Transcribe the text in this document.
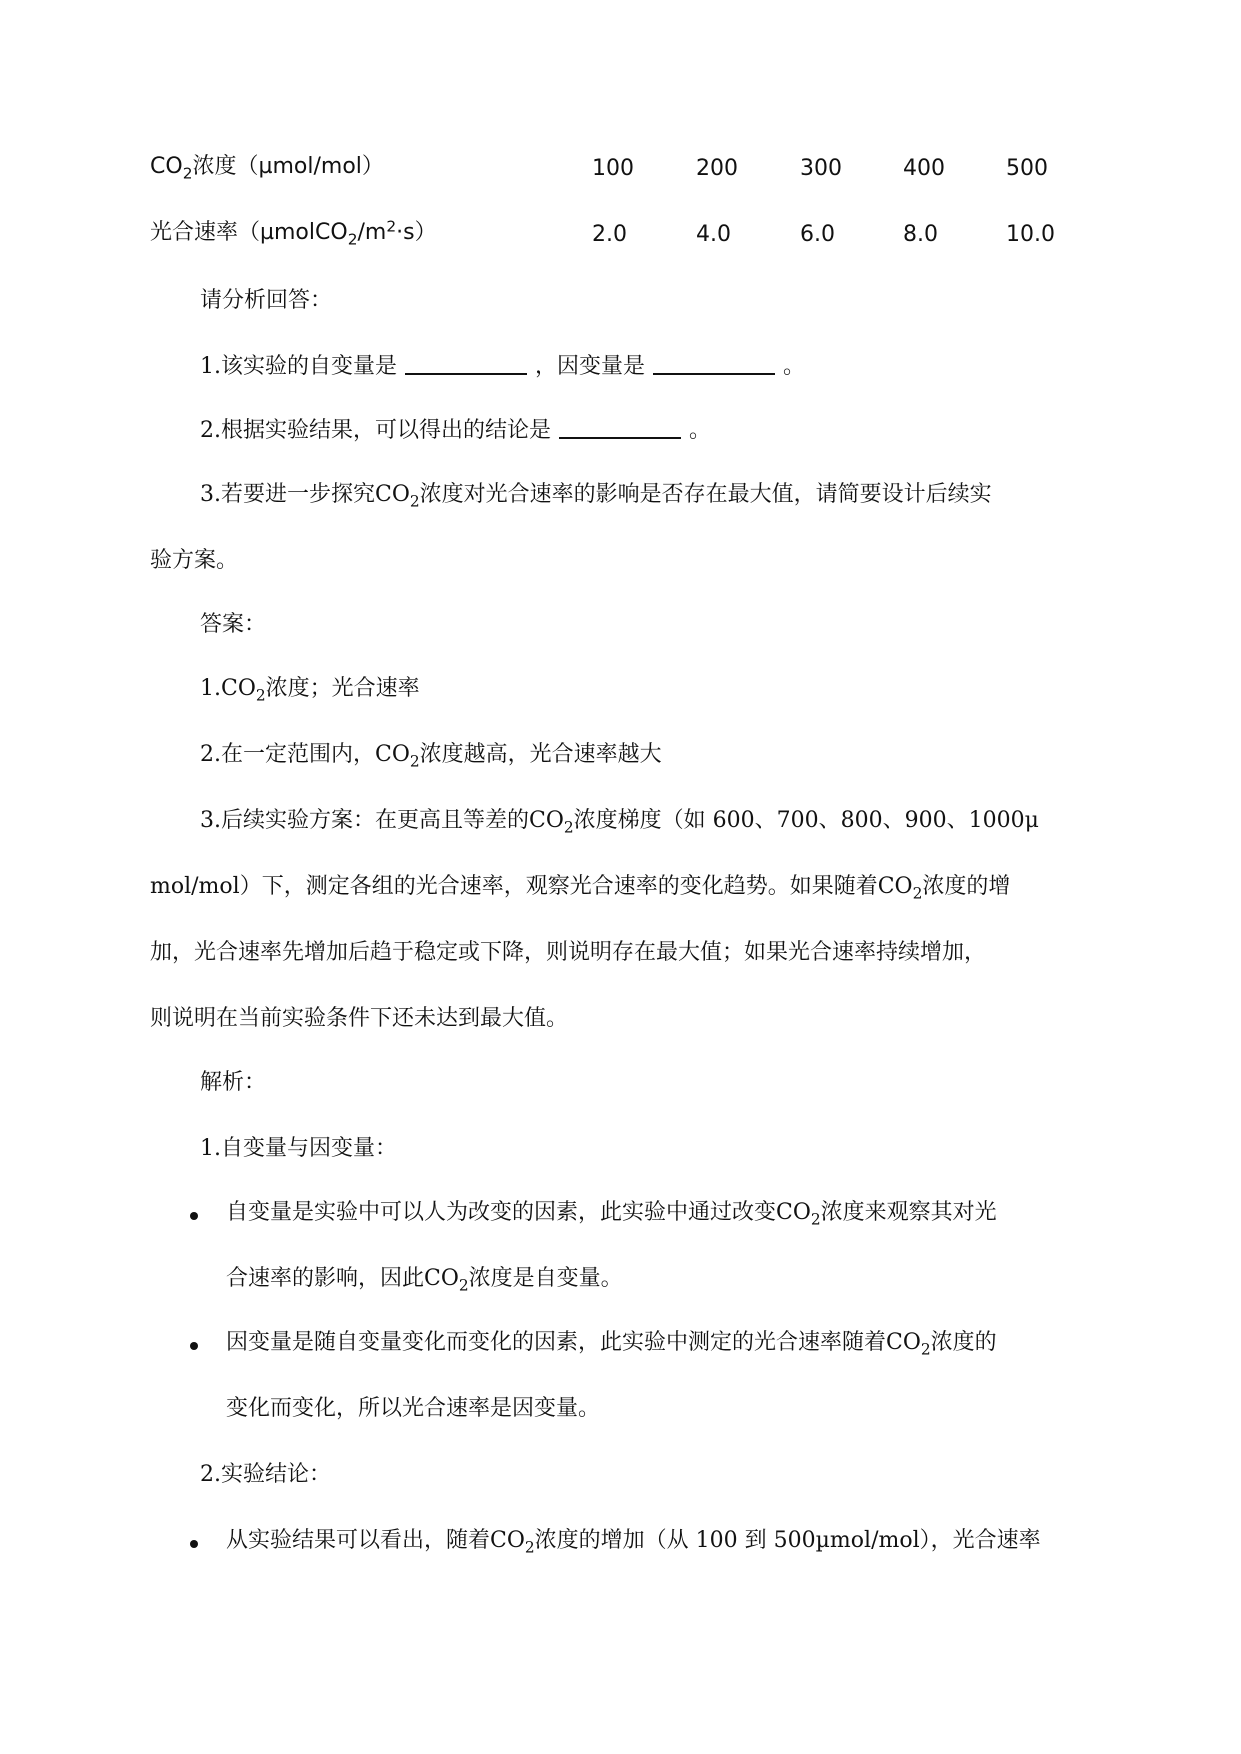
$CO_2$浓度（µmol/mol）	100	200	300	400	500
光合速率$(\mu molCO_2/m^2\cdot s)$	2.0	4.0	6.0	8.0	10.0
请分析回答：
1.该实验的自变量是	，因变量是	。
2.根据实验结果，可以得出的结论是	。
3.若要进一步探究$CO_2$浓度对光合速率的影响是否存在最大值，请简要设计后续实
验方案。
答案：
$1.CO_2$浓度；光合速率
2.在一定范围内，$CO_2$浓度越高，光合速率越大
3.后续实验方案：在更高且等差的$CO_2$浓度梯度（如 600、700、800、900、1000μ
mol/mol）下，测定各组的光合速率，观察光合速率的变化趋势。如果随着$CO_2$浓度的增
加，光合速率先增加后趋于稳定或下降，则说明存在最大值；如果光合速率持续增加，
则说明在当前实验条件下还未达到最大值。
解析：
1.自变量与因变量：
自变量是实验中可以人为改变的因素，此实验中通过改变$CO_2$浓度来观察其对光
合速率的影响，因此$CO_2$浓度是自变量。
因变量是随自变量变化而变化的因素，此实验中测定的光合速率随着$CO_2$浓度的
变化而变化，所以光合速率是因变量。
2.实验结论：
从实验结果可以看出，随着$CO_2$浓度的增加（从 100 到 500µmol/mol），光合速率
